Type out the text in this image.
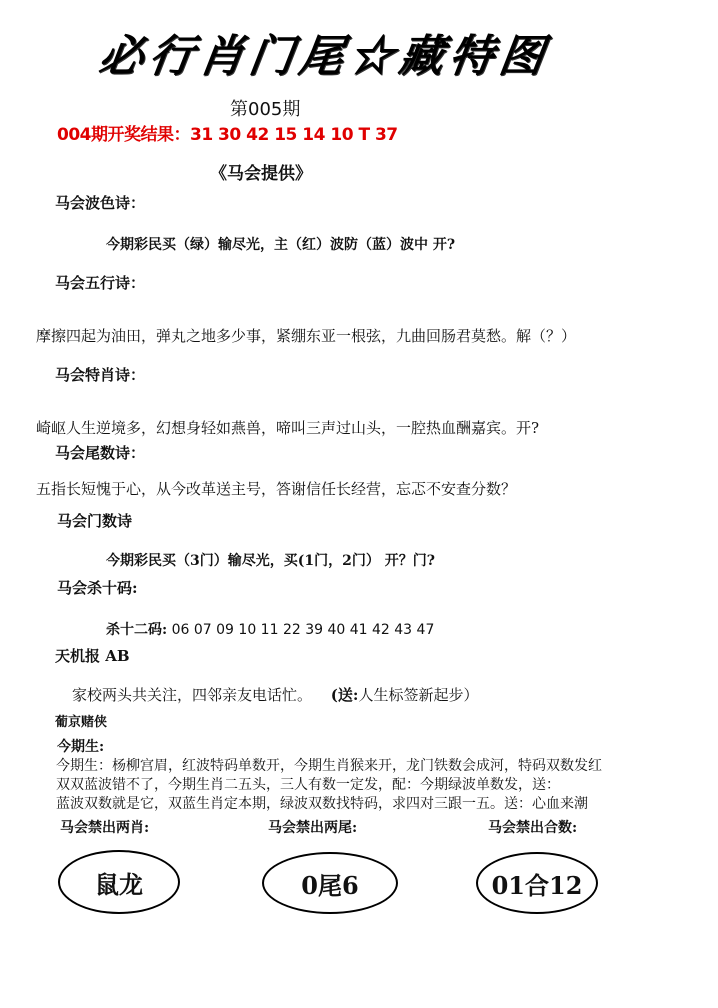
必行肖门尾☆藏特图
第005期
004期开奖结果：31 30 42 15 14 10 T 37
《马会提供》
马会波色诗：
今期彩民买（绿）输尽光，主（红）波防（蓝）波中 开?
马会五行诗：
摩擦四起为油田，弹丸之地多少事，紧绷东亚一根弦，九曲回肠君莫愁。解（？）
马会特肖诗：
崎岖人生逆境多，幻想身轻如燕兽，啼叫三声过山头，一腔热血酬嘉宾。开?
马会尾数诗：
五指长短愧于心，从今改革送主号，答谢信任长经营，忘忑不安查分数？
马会门数诗
今期彩民买（3门）输尽光，买(1门，2门） 开？门?
马会杀十码:
杀十二码: 06 07 09 10 11 22 39 40 41 42 43 47
天机报 AB
家校两头共关注，四邻亲友电话忙。 (送:人生标签新起步）
葡京赌侠
今期生:
今期生：杨柳宫眉，红波特码单数开，今期生肖猴来开，龙门铁数会成河，特码双数发红
双双蓝波错不了，今期生肖二五头，三人有数一定发，配：今期绿波单数发，送：
蓝波双数就是它，双蓝生肖定本期，绿波双数找特码，求四对三跟一五。送：心血来潮
马会禁出两肖:	马会禁出两尾:	马会禁出合数:
鼠龙	0尾6	01合12
